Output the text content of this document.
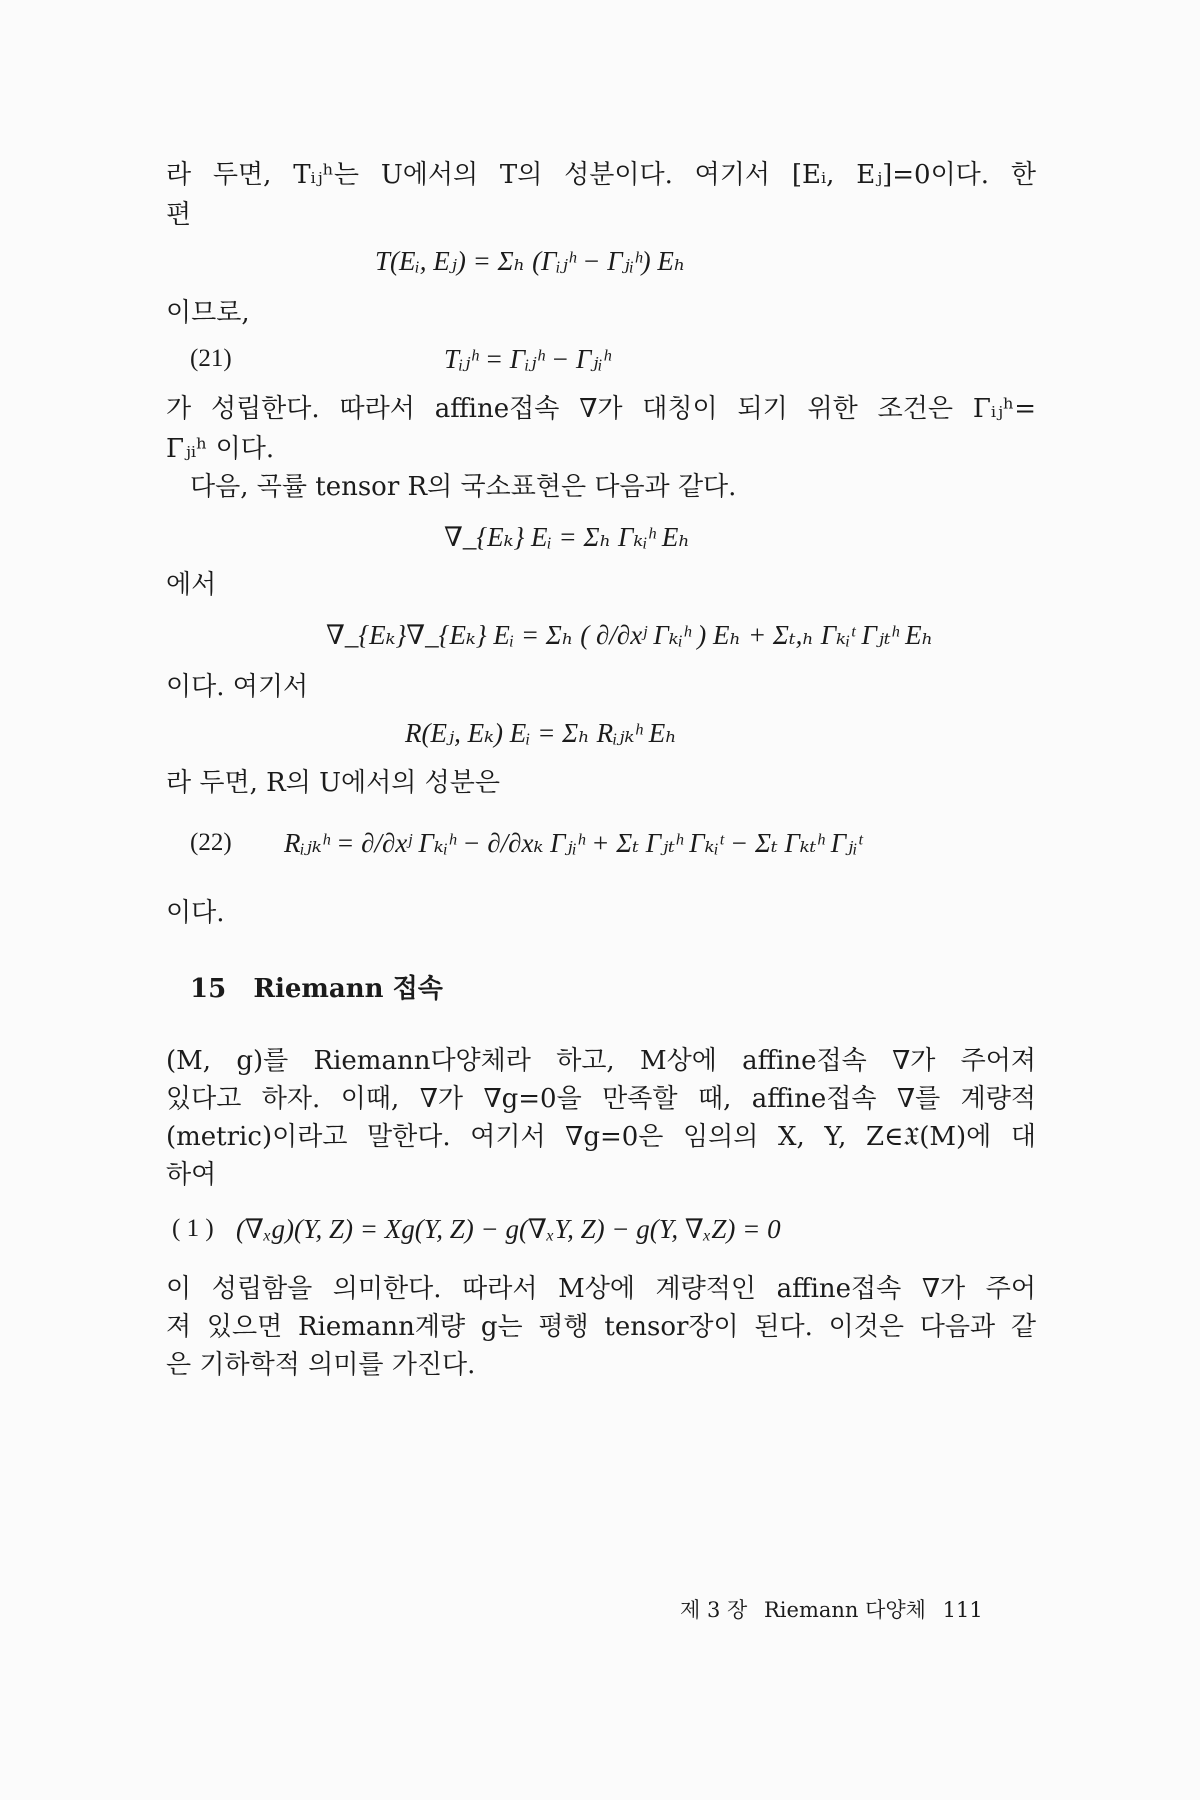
라 두면, Tᵢⱼʰ는 U에서의 T의 성분이다. 여기서 [Eᵢ, Eⱼ]=0이다. 한
편
T(Eᵢ, Eⱼ) = Σₕ (Γᵢⱼʰ − Γⱼᵢʰ) Eₕ
이므로,
(21)	Tᵢⱼʰ = Γᵢⱼʰ − Γⱼᵢʰ
가 성립한다. 따라서 affine접속 ∇가 대칭이 되기 위한 조건은 Γᵢⱼʰ=
Γⱼᵢʰ 이다.
다음, 곡률 tensor R의 국소표현은 다음과 같다.
∇_{Eₖ} Eᵢ = Σₕ Γₖᵢʰ Eₕ
에서
∇_{Eₖ}∇_{Eₖ} Eᵢ = Σₕ ( ∂/∂xʲ Γₖᵢʰ ) Eₕ + Σₜ,ₕ Γₖᵢᵗ Γⱼₜʰ Eₕ
이다. 여기서
R(Eⱼ, Eₖ) Eᵢ = Σₕ Rᵢⱼₖʰ Eₕ
라 두면, R의 U에서의 성분은
(22) Rᵢⱼₖʰ = ∂/∂xʲ Γₖᵢʰ − ∂/∂xₖ Γⱼᵢʰ + Σₜ Γⱼₜʰ Γₖᵢᵗ − Σₜ Γₖₜʰ Γⱼᵢᵗ
이다.
15 Riemann 접속
(M, g)를 Riemann다양체라 하고, M상에 affine접속 ∇가 주어져
있다고 하자. 이때, ∇가 ∇g=0을 만족할 때, affine접속 ∇를 계량적
(metric)이라고 말한다. 여기서 ∇g=0은 임의의 X, Y, Z∈𝔛(M)에 대
하여
( 1 ) (∇ₓg)(Y, Z) = Xg(Y, Z) − g(∇ₓY, Z) − g(Y, ∇ₓZ) = 0
이 성립함을 의미한다. 따라서 M상에 계량적인 affine접속 ∇가 주어
져 있으면 Riemann계량 g는 평행 tensor장이 된다. 이것은 다음과 같
은 기하학적 의미를 가진다.
제 3 장 Riemann 다양체 111
